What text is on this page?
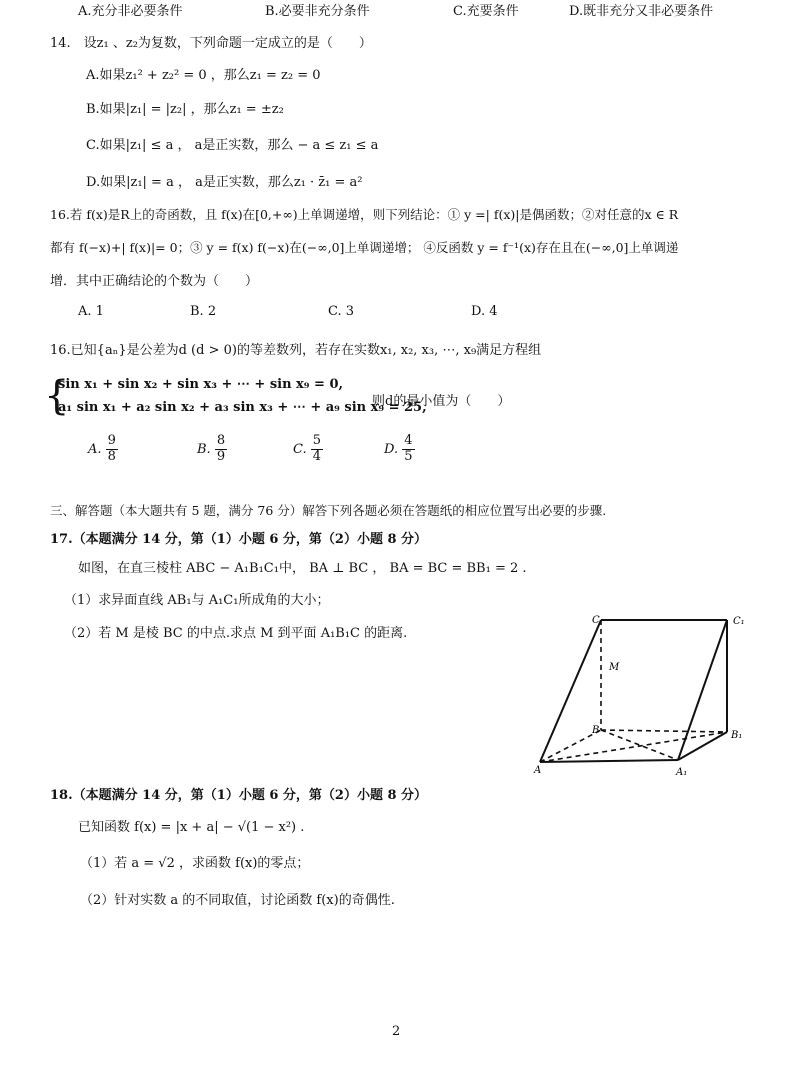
A.充分非必要条件	B.必要非充分条件	C.充要条件	D.既非充分又非必要条件
14.　设z₁ 、z₂为复数，下列命题一定成立的是（　　）
A.如果z₁² + z₂² = 0 ，那么z₁ = z₂ = 0
B.如果|z₁| = |z₂| ，那么z₁ = ±z₂
C.如果|z₁| ≤ a ， a是正实数，那么 − a ≤ z₁ ≤ a
D.如果|z₁| = a ， a是正实数，那么z₁ · z̄₁ = a²
16.若 f(x)是R上的奇函数，且 f(x)在[0,+∞)上单调递增，则下列结论：① y =| f(x)|是偶函数；②对任意的x ∈ R
都有 f(−x)+| f(x)|= 0；③ y = f(x) f(−x)在(−∞,0]上单调递增； ④反函数 y = f⁻¹(x)存在且在(−∞,0]上单调递
增．其中正确结论的个数为（　　）
A. 1	B. 2	C. 3	D. 4
16.已知{aₙ}是公差为d (d > 0)的等差数列，若存在实数x₁, x₂, x₃, ⋯, x₉满足方程组
{
sin x₁ + sin x₂ + sin x₃ + ⋯ + sin x₉ = 0,
a₁ sin x₁ + a₂ sin x₂ + a₃ sin x₃ + ⋯ + a₉ sin x₉ = 25,
则d的最小值为（　　）
A. $\frac{9}{8}$	B. $\frac{8}{9}$	C. $\frac{5}{4}$	D. $\frac{4}{5}$
三、解答题（本大题共有 5 题，满分 76 分）解答下列各题必须在答题纸的相应位置写出必要的步骤.
17.（本题满分 14 分，第（1）小题 6 分，第（2）小题 8 分）
如图，在直三棱柱 ABC − A₁B₁C₁中， BA ⊥ BC ， BA = BC = BB₁ = 2 .
（1）求异面直线 AB₁与 A₁C₁所成角的大小；
（2）若 M 是棱 BC 的中点.求点 M 到平面 A₁B₁C 的距离.
C	C₁
M
B	B₁
A	A₁
18.（本题满分 14 分，第（1）小题 6 分，第（2）小题 8 分）
已知函数 f(x) = |x + a| − √(1 − x²) .
（1）若 a = √2 ，求函数 f(x)的零点；
（2）针对实数 a 的不同取值，讨论函数 f(x)的奇偶性.
2
